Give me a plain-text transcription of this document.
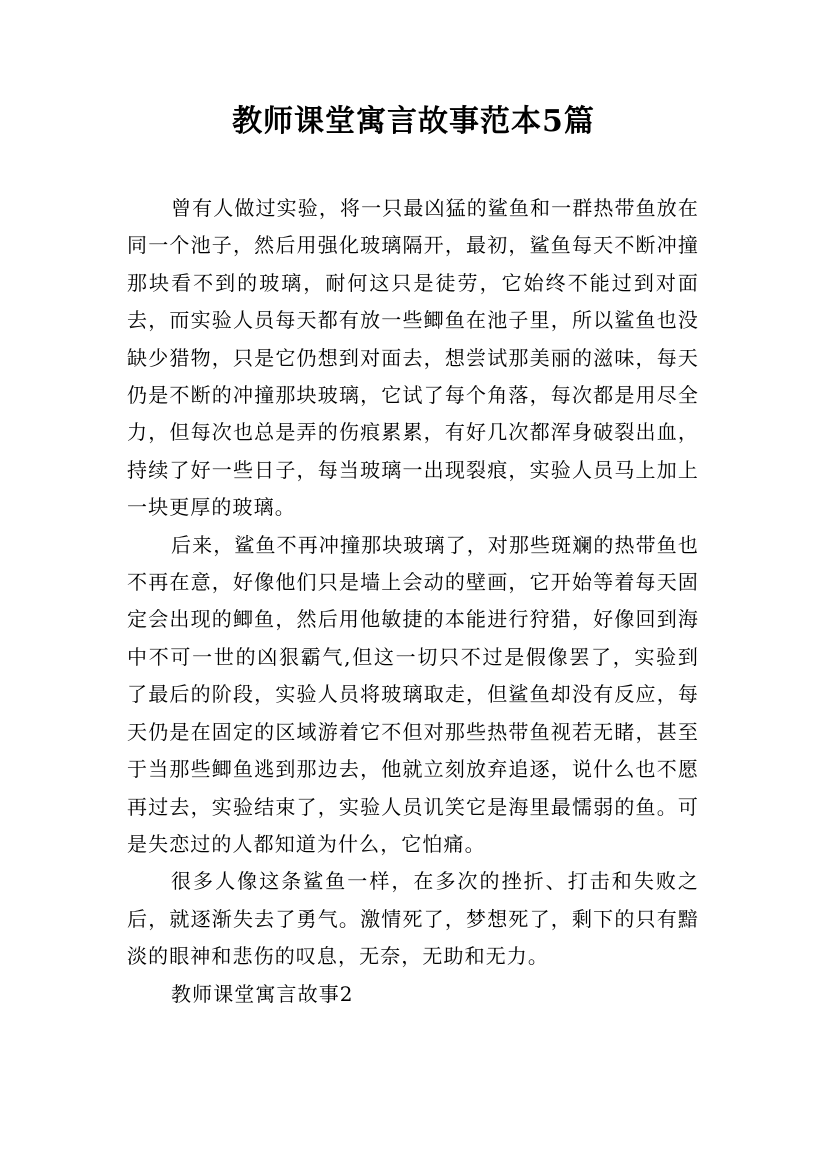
教师课堂寓言故事范本5篇

曾有人做过实验，将一只最凶猛的鲨鱼和一群热带鱼放在同一个池子，然后用强化玻璃隔开，最初，鲨鱼每天不断冲撞那块看不到的玻璃，耐何这只是徒劳，它始终不能过到对面去，而实验人员每天都有放一些鲫鱼在池子里，所以鲨鱼也没缺少猎物，只是它仍想到对面去，想尝试那美丽的滋味，每天仍是不断的冲撞那块玻璃，它试了每个角落，每次都是用尽全力，但每次也总是弄的伤痕累累，有好几次都浑身破裂出血，持续了好一些日子，每当玻璃一出现裂痕，实验人员马上加上一块更厚的玻璃。

后来，鲨鱼不再冲撞那块玻璃了，对那些斑斓的热带鱼也不再在意，好像他们只是墙上会动的壁画，它开始等着每天固定会出现的鲫鱼，然后用他敏捷的本能进行狩猎，好像回到海中不可一世的凶狠霸气,但这一切只不过是假像罢了，实验到了最后的阶段，实验人员将玻璃取走，但鲨鱼却没有反应，每天仍是在固定的区域游着它不但对那些热带鱼视若无睹，甚至于当那些鲫鱼逃到那边去，他就立刻放弃追逐，说什么也不愿再过去，实验结束了，实验人员讥笑它是海里最懦弱的鱼。可是失恋过的人都知道为什么，它怕痛。

很多人像这条鲨鱼一样，在多次的挫折、打击和失败之后，就逐渐失去了勇气。激情死了，梦想死了，剩下的只有黯淡的眼神和悲伤的叹息，无奈，无助和无力。

教师课堂寓言故事2
